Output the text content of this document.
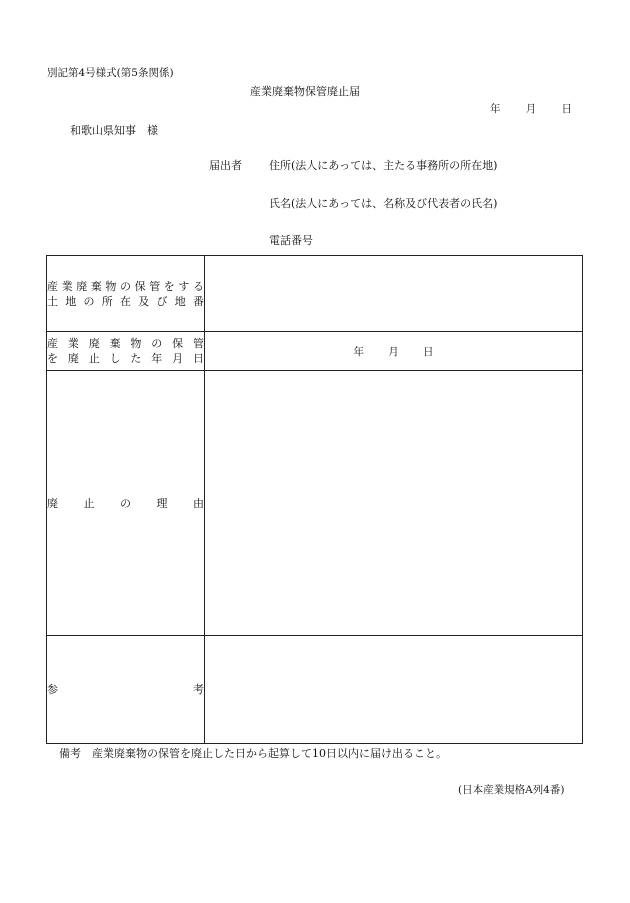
別記第4号様式(第5条関係)
産業廃棄物保管廃止届
年 月 日
和歌山県知事　様
届出者 住所(法人にあっては、主たる事務所の所在地)
氏名(法人にあっては、名称及び代表者の氏名)
電話番号
産業廃棄物の保管をする
土地の所在及び地番	

産業廃棄物の保管
を廃止した年月日	年 月 日

廃止の理由	

参考	

備考　産業廃棄物の保管を廃止した日から起算して10日以内に届け出ること。
(日本産業規格A列4番)
